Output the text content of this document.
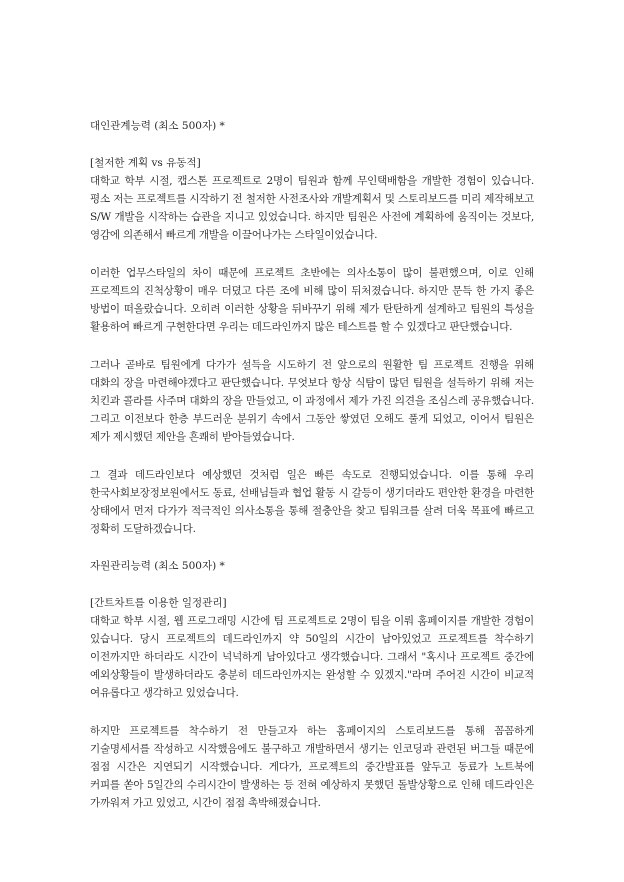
대인관계능력 (최소 500자) *
[철저한 계획 vs 유동적]

대학교 학부 시절, 캡스톤 프로젝트로 2명이 팀원과 함께 무인택배함을 개발한 경험이 있습니다. 평소 저는 프로젝트를 시작하기 전 철저한 사전조사와 개발계획서 및 스토리보드를 미리 제작해보고 S/W 개발을 시작하는 습관을 지니고 있었습니다. 하지만 팀원은 사전에 계획하에 움직이는 것보다, 영감에 의존해서 빠르게 개발을 이끌어나가는 스타일이었습니다.

이러한 업무스타일의 차이 때문에 프로젝트 초반에는 의사소통이 많이 불편했으며, 이로 인해 프로젝트의 진척상황이 매우 더뎠고 다른 조에 비해 많이 뒤처졌습니다. 하지만 문득 한 가지 좋은 방법이 떠올랐습니다. 오히려 이러한 상황을 뒤바꾸기 위해 제가 탄탄하게 설계하고 팀원의 특성을 활용하여 빠르게 구현한다면 우리는 데드라인까지 많은 테스트를 할 수 있겠다고 판단했습니다.

그러나 곧바로 팀원에게 다가가 설득을 시도하기 전 앞으로의 원활한 팀 프로젝트 진행을 위해 대화의 장을 마련해야겠다고 판단했습니다. 무엇보다 항상 식탐이 많던 팀원을 설득하기 위해 저는 치킨과 콜라를 사주며 대화의 장을 만들었고, 이 과정에서 제가 가진 의견을 조심스레 공유했습니다. 그리고 이전보다 한층 부드러운 분위기 속에서 그동안 쌓였던 오해도 풀게 되었고, 이어서 팀원은 제가 제시했던 제안을 흔쾌히 받아들였습니다.

그 결과 데드라인보다 예상했던 것처럼 일은 빠른 속도로 진행되었습니다. 이를 통해 우리 한국사회보장정보원에서도 동료, 선배님들과 협업 활동 시 갈등이 생기더라도 편안한 환경을 마련한 상태에서 먼저 다가가 적극적인 의사소통을 통해 절충안을 찾고 팀워크를 살려 더욱 목표에 빠르고 정확히 도달하겠습니다.

자원관리능력 (최소 500자) *
[간트차트를 이용한 일정관리]

대학교 학부 시절, 웹 프로그래밍 시간에 팀 프로젝트로 2명이 팀을 이뤄 홈페이지를 개발한 경험이 있습니다. 당시 프로젝트의 데드라인까지 약 50일의 시간이 남아있었고 프로젝트를 착수하기 이전까지만 하더라도 시간이 넉넉하게 남아있다고 생각했습니다. 그래서 "혹시나 프로젝트 중간에 예외상황들이 발생하더라도 충분히 데드라인까지는 완성할 수 있겠지."라며 주어진 시간이 비교적 여유롭다고 생각하고 있었습니다.

하지만 프로젝트를 착수하기 전 만들고자 하는 홈페이지의 스토리보드를 통해 꼼꼼하게 기술명세서를 작성하고 시작했음에도 불구하고 개발하면서 생기는 인코딩과 관련된 버그들 때문에 점점 시간은 지연되기 시작했습니다. 게다가, 프로젝트의 중간발표를 앞두고 동료가 노트북에 커피를 쏟아 5일간의 수리시간이 발생하는 등 전혀 예상하지 못했던 돌발상황으로 인해 데드라인은 가까워져 가고 있었고, 시간이 점점 촉박해졌습니다.
